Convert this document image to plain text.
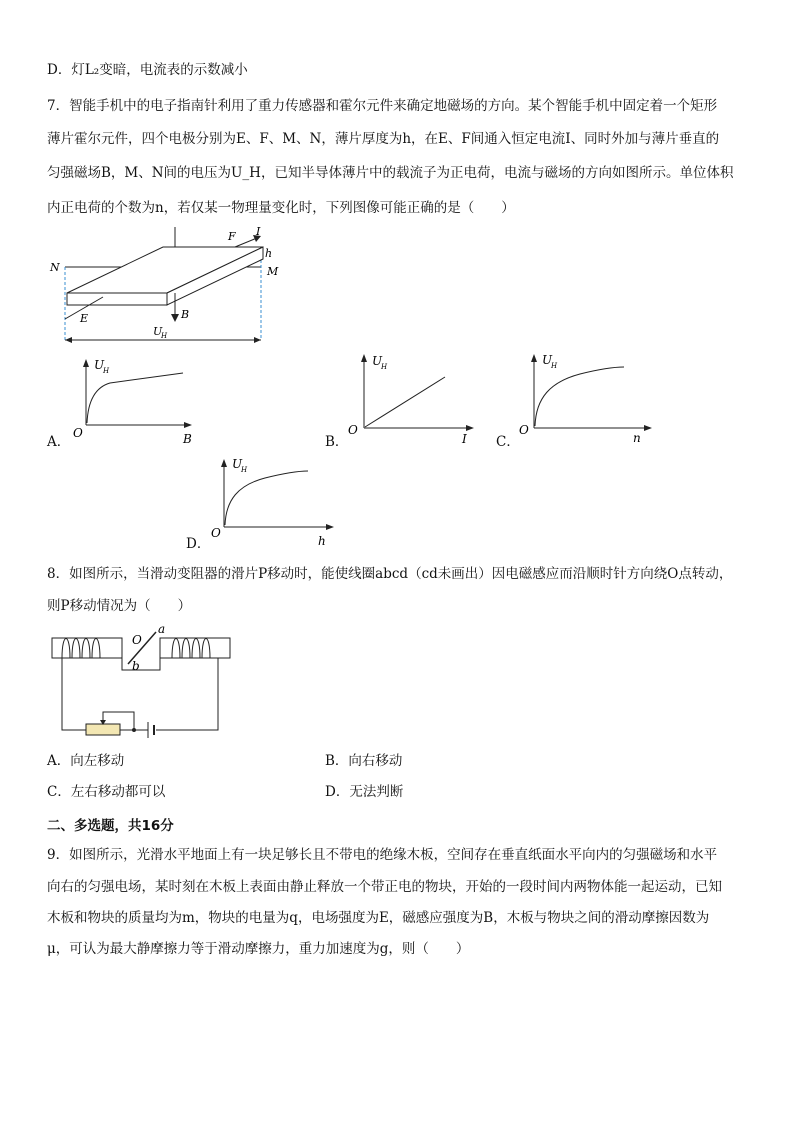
D．灯L₂变暗，电流表的示数减小
7．智能手机中的电子指南针利用了重力传感器和霍尔元件来确定地磁场的方向。某个智能手机中固定着一个矩形
薄片霍尔元件，四个电极分别为E、F、M、N，薄片厚度为h，在E、F间通入恒定电流I、同时外加与薄片垂直的
匀强磁场B，M、N间的电压为U_H，已知半导体薄片中的载流子为正电荷，电流与磁场的方向如图所示。单位体积
内正电荷的个数为n，若仅某一物理量变化时，下列图像可能正确的是（　　）
N	M
F I
h
E	B
U
H
A．
U
H
O	B	B．
U
H
O
I C．
U
H
O
n
D．
U
H
O
h
8．如图所示，当滑动变阻器的滑片P移动时，能使线圈abcd（cd未画出）因电磁感应而沿顺时针方向绕O点转动，
则P移动情况为（　　）
O
a
b
A．向左移动	B．向右移动
C．左右移动都可以	D．无法判断
二、多选题，共16分
9．如图所示，光滑水平地面上有一块足够长且不带电的绝缘木板，空间存在垂直纸面水平向内的匀强磁场和水平
向右的匀强电场，某时刻在木板上表面由静止释放一个带正电的物块，开始的一段时间内两物体能一起运动，已知
木板和物块的质量均为m，物块的电量为q，电场强度为E，磁感应强度为B，木板与物块之间的滑动摩擦因数为
μ，可认为最大静摩擦力等于滑动摩擦力，重力加速度为g，则（　　）
